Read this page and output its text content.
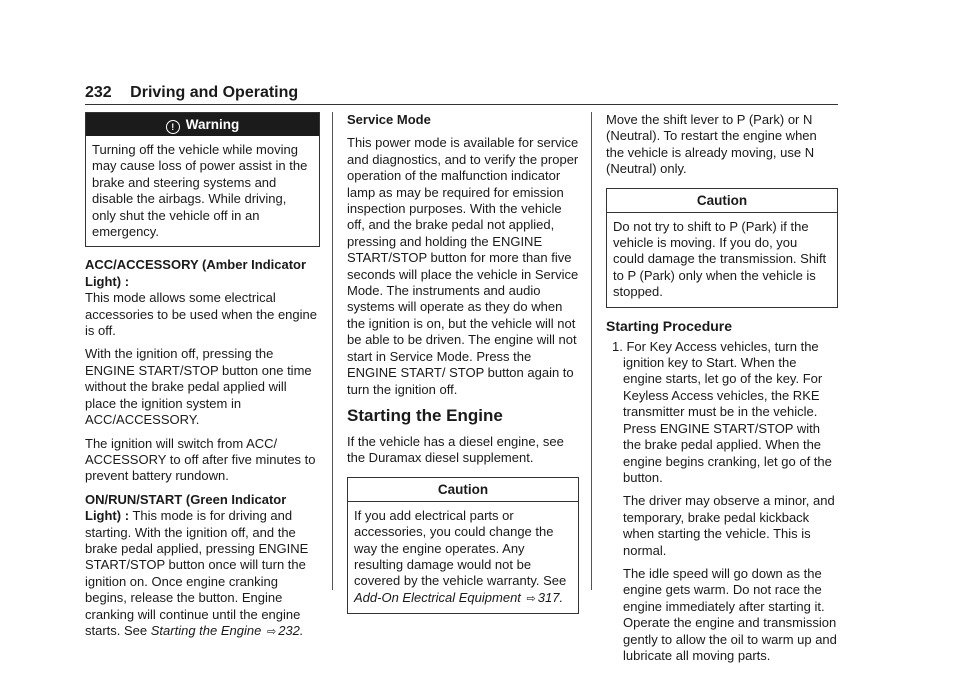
232 Driving and Operating
! Warning
Turning off the vehicle while moving may cause loss of power assist in the brake and steering systems and disable the airbags. While driving, only shut the vehicle off in an emergency.

ACC/ACCESSORY (Amber Indicator Light) :
This mode allows some electrical accessories to be used when the engine is off.

With the ignition off, pressing the ENGINE START/STOP button one time without the brake pedal applied will place the ignition system in ACC/ACCESSORY.

The ignition will switch from ACC/ ACCESSORY to off after five minutes to prevent battery rundown.

ON/RUN/START (Green Indicator Light) : This mode is for driving and starting. With the ignition off, and the brake pedal applied, pressing ENGINE START/STOP button once will turn the ignition on. Once engine cranking begins, release the button. Engine cranking will continue until the engine starts. See Starting the Engine ⇨ 232.

Service Mode

This power mode is available for service and diagnostics, and to verify the proper operation of the malfunction indicator lamp as may be required for emission inspection purposes. With the vehicle off, and the brake pedal not applied, pressing and holding the ENGINE START/STOP button for more than five seconds will place the vehicle in Service Mode. The instruments and audio systems will operate as they do when the ignition is on, but the vehicle will not be able to be driven. The engine will not start in Service Mode. Press the ENGINE START/ STOP button again to turn the ignition off.

Starting the Engine

If the vehicle has a diesel engine, see the Duramax diesel supplement.

Caution
If you add electrical parts or accessories, you could change the way the engine operates. Any resulting damage would not be covered by the vehicle warranty. See Add-On Electrical Equipment ⇨ 317.

Move the shift lever to P (Park) or N (Neutral). To restart the engine when the vehicle is already moving, use N (Neutral) only.

Caution
Do not try to shift to P (Park) if the vehicle is moving. If you do, you could damage the transmission. Shift to P (Park) only when the vehicle is stopped.
Starting Procedure

1. For Key Access vehicles, turn the ignition key to Start. When the engine starts, let go of the key. For Keyless Access vehicles, the RKE transmitter must be in the vehicle. Press ENGINE START/STOP with the brake pedal applied. When the engine begins cranking, let go of the button.

The driver may observe a minor, and temporary, brake pedal kickback when starting the vehicle. This is normal.

The idle speed will go down as the engine gets warm. Do not race the engine immediately after starting it. Operate the engine and transmission gently to allow the oil to warm up and lubricate all moving parts.
